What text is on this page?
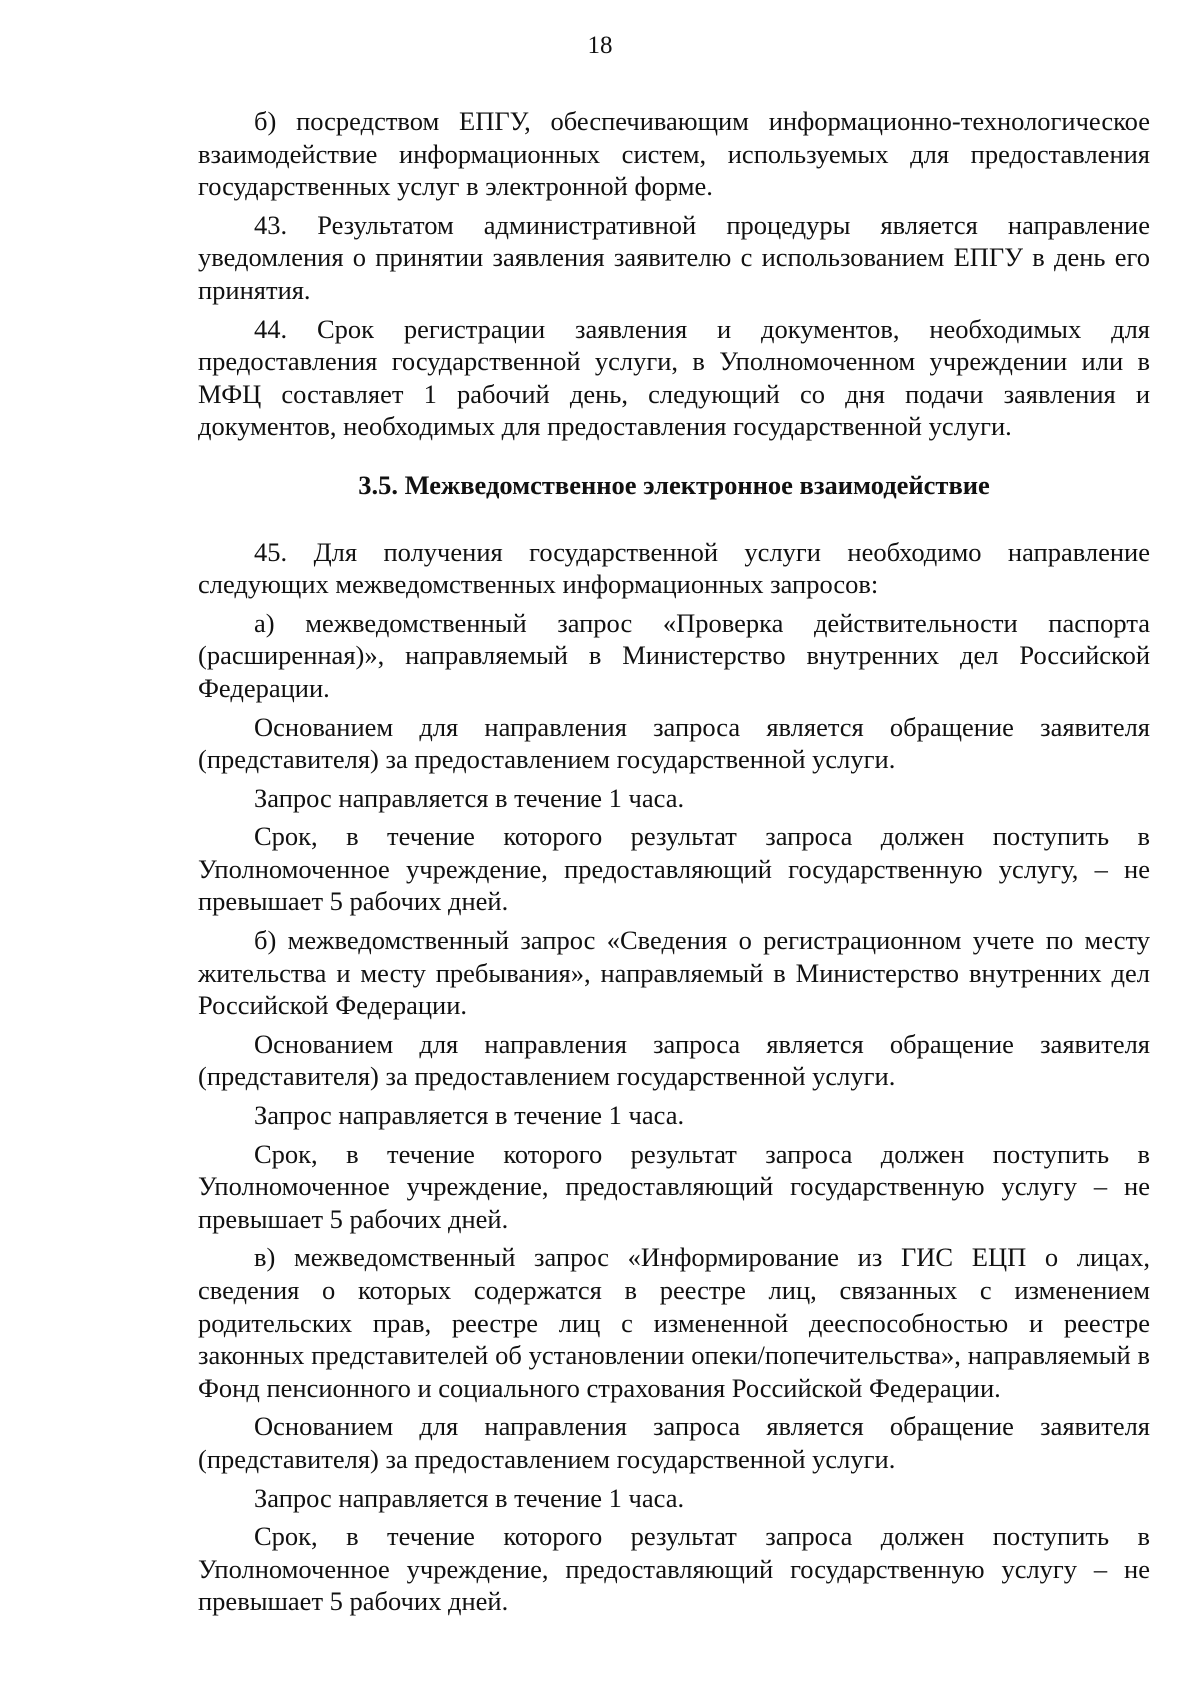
18

б) посредством ЕПГУ, обеспечивающим информационно-технологическое взаимодействие информационных систем, используемых для предоставления государственных услуг в электронной форме.

43. Результатом административной процедуры является направление уведомления о принятии заявления заявителю с использованием ЕПГУ в день его принятия.

44. Срок регистрации заявления и документов, необходимых для предоставления государственной услуги, в Уполномоченном учреждении или в МФЦ составляет 1 рабочий день, следующий со дня подачи заявления и документов, необходимых для предоставления государственной услуги.

3.5. Межведомственное электронное взаимодействие

45. Для получения государственной услуги необходимо направление следующих межведомственных информационных запросов:

а) межведомственный запрос «Проверка действительности паспорта (расширенная)», направляемый в Министерство внутренних дел Российской Федерации.

Основанием для направления запроса является обращение заявителя (представителя) за предоставлением государственной услуги.

Запрос направляется в течение 1 часа.

Срок, в течение которого результат запроса должен поступить в Уполномоченное учреждение, предоставляющий государственную услугу, – не превышает 5 рабочих дней.

б) межведомственный запрос «Сведения о регистрационном учете по месту жительства и месту пребывания», направляемый в Министерство внутренних дел Российской Федерации.

Основанием для направления запроса является обращение заявителя (представителя) за предоставлением государственной услуги.

Запрос направляется в течение 1 часа.

Срок, в течение которого результат запроса должен поступить в Уполномоченное учреждение, предоставляющий государственную услугу – не превышает 5 рабочих дней.

в) межведомственный запрос «Информирование из ГИС ЕЦП о лицах, сведения о которых содержатся в реестре лиц, связанных с изменением родительских прав, реестре лиц с измененной дееспособностью и реестре законных представителей об установлении опеки/попечительства», направляемый в Фонд пенсионного и социального страхования Российской Федерации.

Основанием для направления запроса является обращение заявителя (представителя) за предоставлением государственной услуги.

Запрос направляется в течение 1 часа.

Срок, в течение которого результат запроса должен поступить в Уполномоченное учреждение, предоставляющий государственную услугу – не превышает 5 рабочих дней.
